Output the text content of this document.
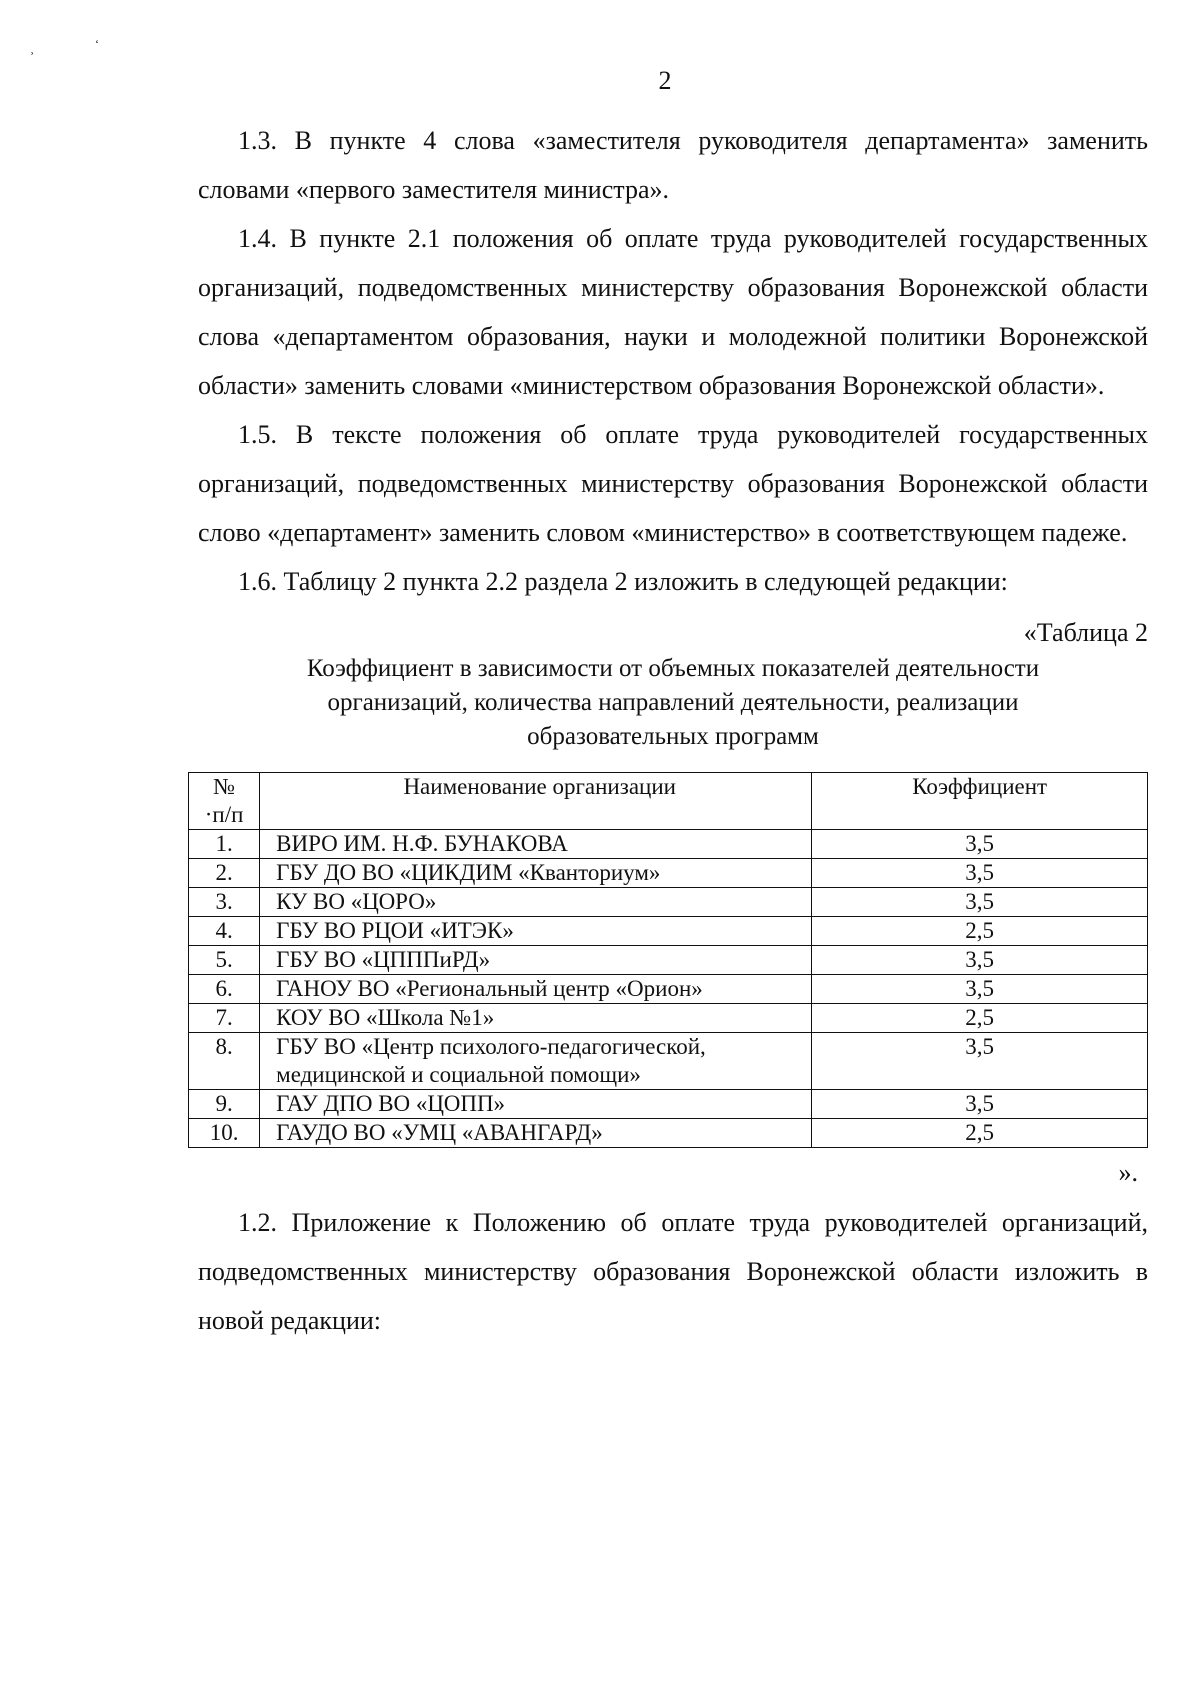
¸	ʻ
2

1.3. В пункте 4 слова «заместителя руководителя департамента» заменить словами «первого заместителя министра».

1.4. В пункте 2.1 положения об оплате труда руководителей государственных организаций, подведомственных министерству образования Воронежской области слова «департаментом образования, науки и молодежной политики Воронежской области» заменить словами «министерством образования Воронежской области».

1.5. В тексте положения об оплате труда руководителей государственных организаций, подведомственных министерству образования Воронежской области слово «департамент» заменить словом «министерство» в соответствующем падеже.

1.6. Таблицу 2 пункта 2.2 раздела 2 изложить в следующей редакции:

«Таблица 2

Коэффициент в зависимости от объемных показателей деятельности организаций, количества направлений деятельности, реализации образовательных программ

№
·п/п	Наименование организации	Коэффициент
1.	ВИРО ИМ. Н.Ф. БУНАКОВА	3,5
2.	ГБУ ДО ВО «ЦИКДИМ «Кванториум»	3,5
3.	КУ ВО «ЦОРО»	3,5
4.	ГБУ ВО РЦОИ «ИТЭК»	2,5
5.	ГБУ ВО «ЦПППиРД»	3,5
6.	ГАНОУ ВО «Региональный центр «Орион»	3,5
7.	КОУ ВО «Школа №1»	2,5
8.	ГБУ ВО «Центр психолого-педагогической, медицинской и социальной помощи»	3,5
9.	ГАУ ДПО ВО «ЦОПП»	3,5
10.	ГАУДО ВО «УМЦ «АВАНГАРД»	2,5

».

1.2. Приложение к Положению об оплате труда руководителей организаций, подведомственных министерству образования Воронежской области изложить в новой редакции:
